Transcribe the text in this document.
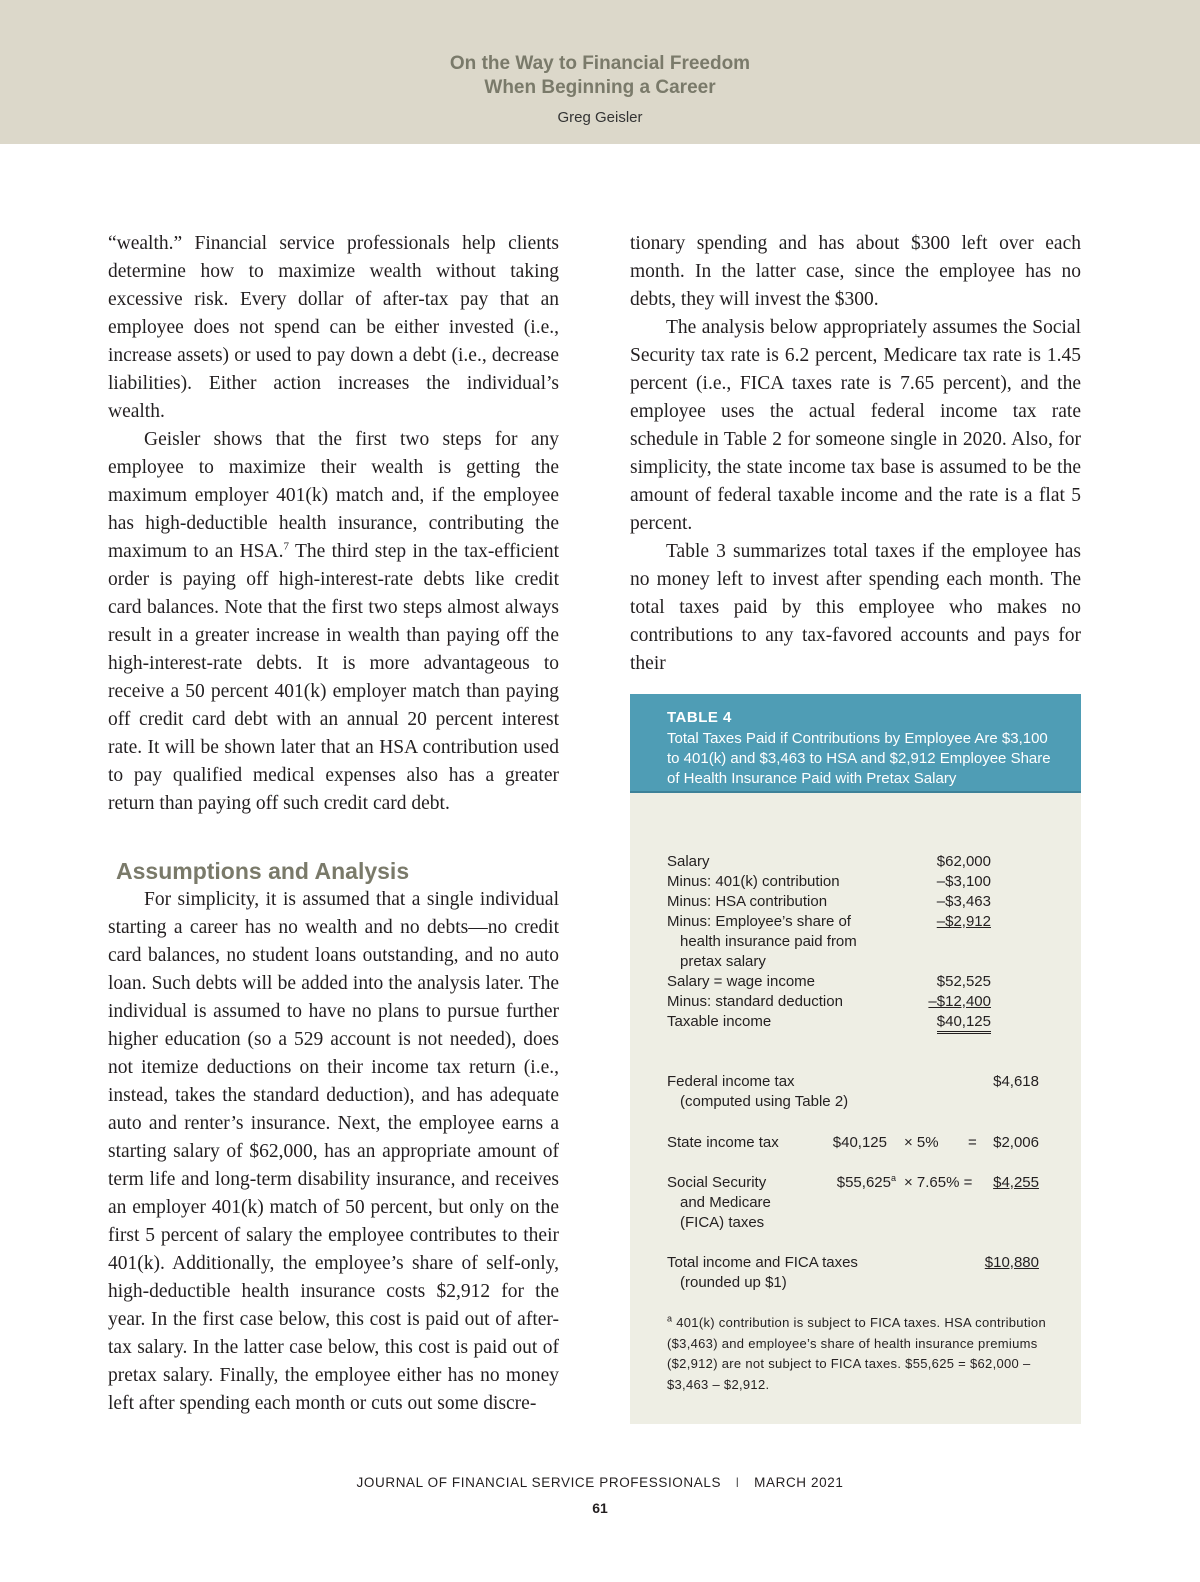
On the Way to Financial Freedom
When Beginning a Career
Greg Geisler

“wealth.” Financial service professionals help clients determine how to maximize wealth without taking excessive risk. Every dollar of after-tax pay that an employee does not spend can be either invested (i.e., increase assets) or used to pay down a debt (i.e., decrease liabilities). Either action increases the individual’s wealth.

Geisler shows that the first two steps for any employee to maximize their wealth is getting the maximum employer 401(k) match and, if the employee has high-deductible health insurance, contributing the maximum to an HSA.$^7$ The third step in the tax-efficient order is paying off high-interest-rate debts like credit card balances. Note that the first two steps almost always result in a greater increase in wealth than paying off the high-interest-rate debts. It is more advantageous to receive a 50 percent 401(k) employer match than paying off credit card debt with an annual 20 percent interest rate. It will be shown later that an HSA contribution used to pay qualified medical expenses also has a greater return than paying off such credit card debt.

Assumptions and Analysis

For simplicity, it is assumed that a single individual starting a career has no wealth and no debts—no credit card balances, no student loans outstanding, and no auto loan. Such debts will be added into the analysis later. The individual is assumed to have no plans to pursue further higher education (so a 529 account is not needed), does not itemize deductions on their income tax return (i.e., instead, takes the standard deduction), and has adequate auto and renter’s insurance. Next, the employee earns a starting salary of $62,000, has an appropriate amount of term life and long-term disability insurance, and receives an employer 401(k) match of 50 percent, but only on the first 5 percent of salary the employee contributes to their 401(k). Additionally, the employee’s share of self-only, high-deductible health insurance costs $2,912 for the year. In the first case below, this cost is paid out of after-tax salary. In the latter case below, this cost is paid out of pretax salary. Finally, the employee either has no money left after spending each month or cuts out some discre-

tionary spending and has about $300 left over each month. In the latter case, since the employee has no debts, they will invest the $300.

The analysis below appropriately assumes the Social Security tax rate is 6.2 percent, Medicare tax rate is 1.45 percent (i.e., FICA taxes rate is 7.65 percent), and the employee uses the actual federal income tax rate schedule in Table 2 for someone single in 2020. Also, for simplicity, the state income tax base is assumed to be the amount of federal taxable income and the rate is a flat 5 percent.

Table 3 summarizes total taxes if the employee has no money left to invest after spending each month. The total taxes paid by this employee who makes no contributions to any tax-favored accounts and pays for their

TABLE 4
Total Taxes Paid if Contributions by Employee Are $3,100 to 401(k) and $3,463 to HSA and $2,912 Employee Share of Health Insurance Paid with Pretax Salary
Salary	$62,000
Minus: 401(k) contribution	–$3,100
Minus: HSA contribution	–$3,463
Minus: Employee’s share of	–$2,912
health insurance paid from
pretax salary
Salary = wage income	$52,525
Minus: standard deduction	–$12,400
Taxable income	$40,125
Federal income tax	$4,618
(computed using Table 2)
State income tax	$40,125 × 5% = $2,006
Social Security	$55,625$^a$ × 7.65% = $4,255
and Medicare
(FICA) taxes
Total income and FICA taxes	$10,880
(rounded up $1)
$^a$ 401(k) contribution is subject to FICA taxes. HSA contribution ($3,463) and employee’s share of health insurance premiums ($2,912) are not subject to FICA taxes. $55,625 = $62,000 – $3,463 – $2,912.
JOURNAL OF FINANCIAL SERVICE PROFESSIONALS I MARCH 2021
61
